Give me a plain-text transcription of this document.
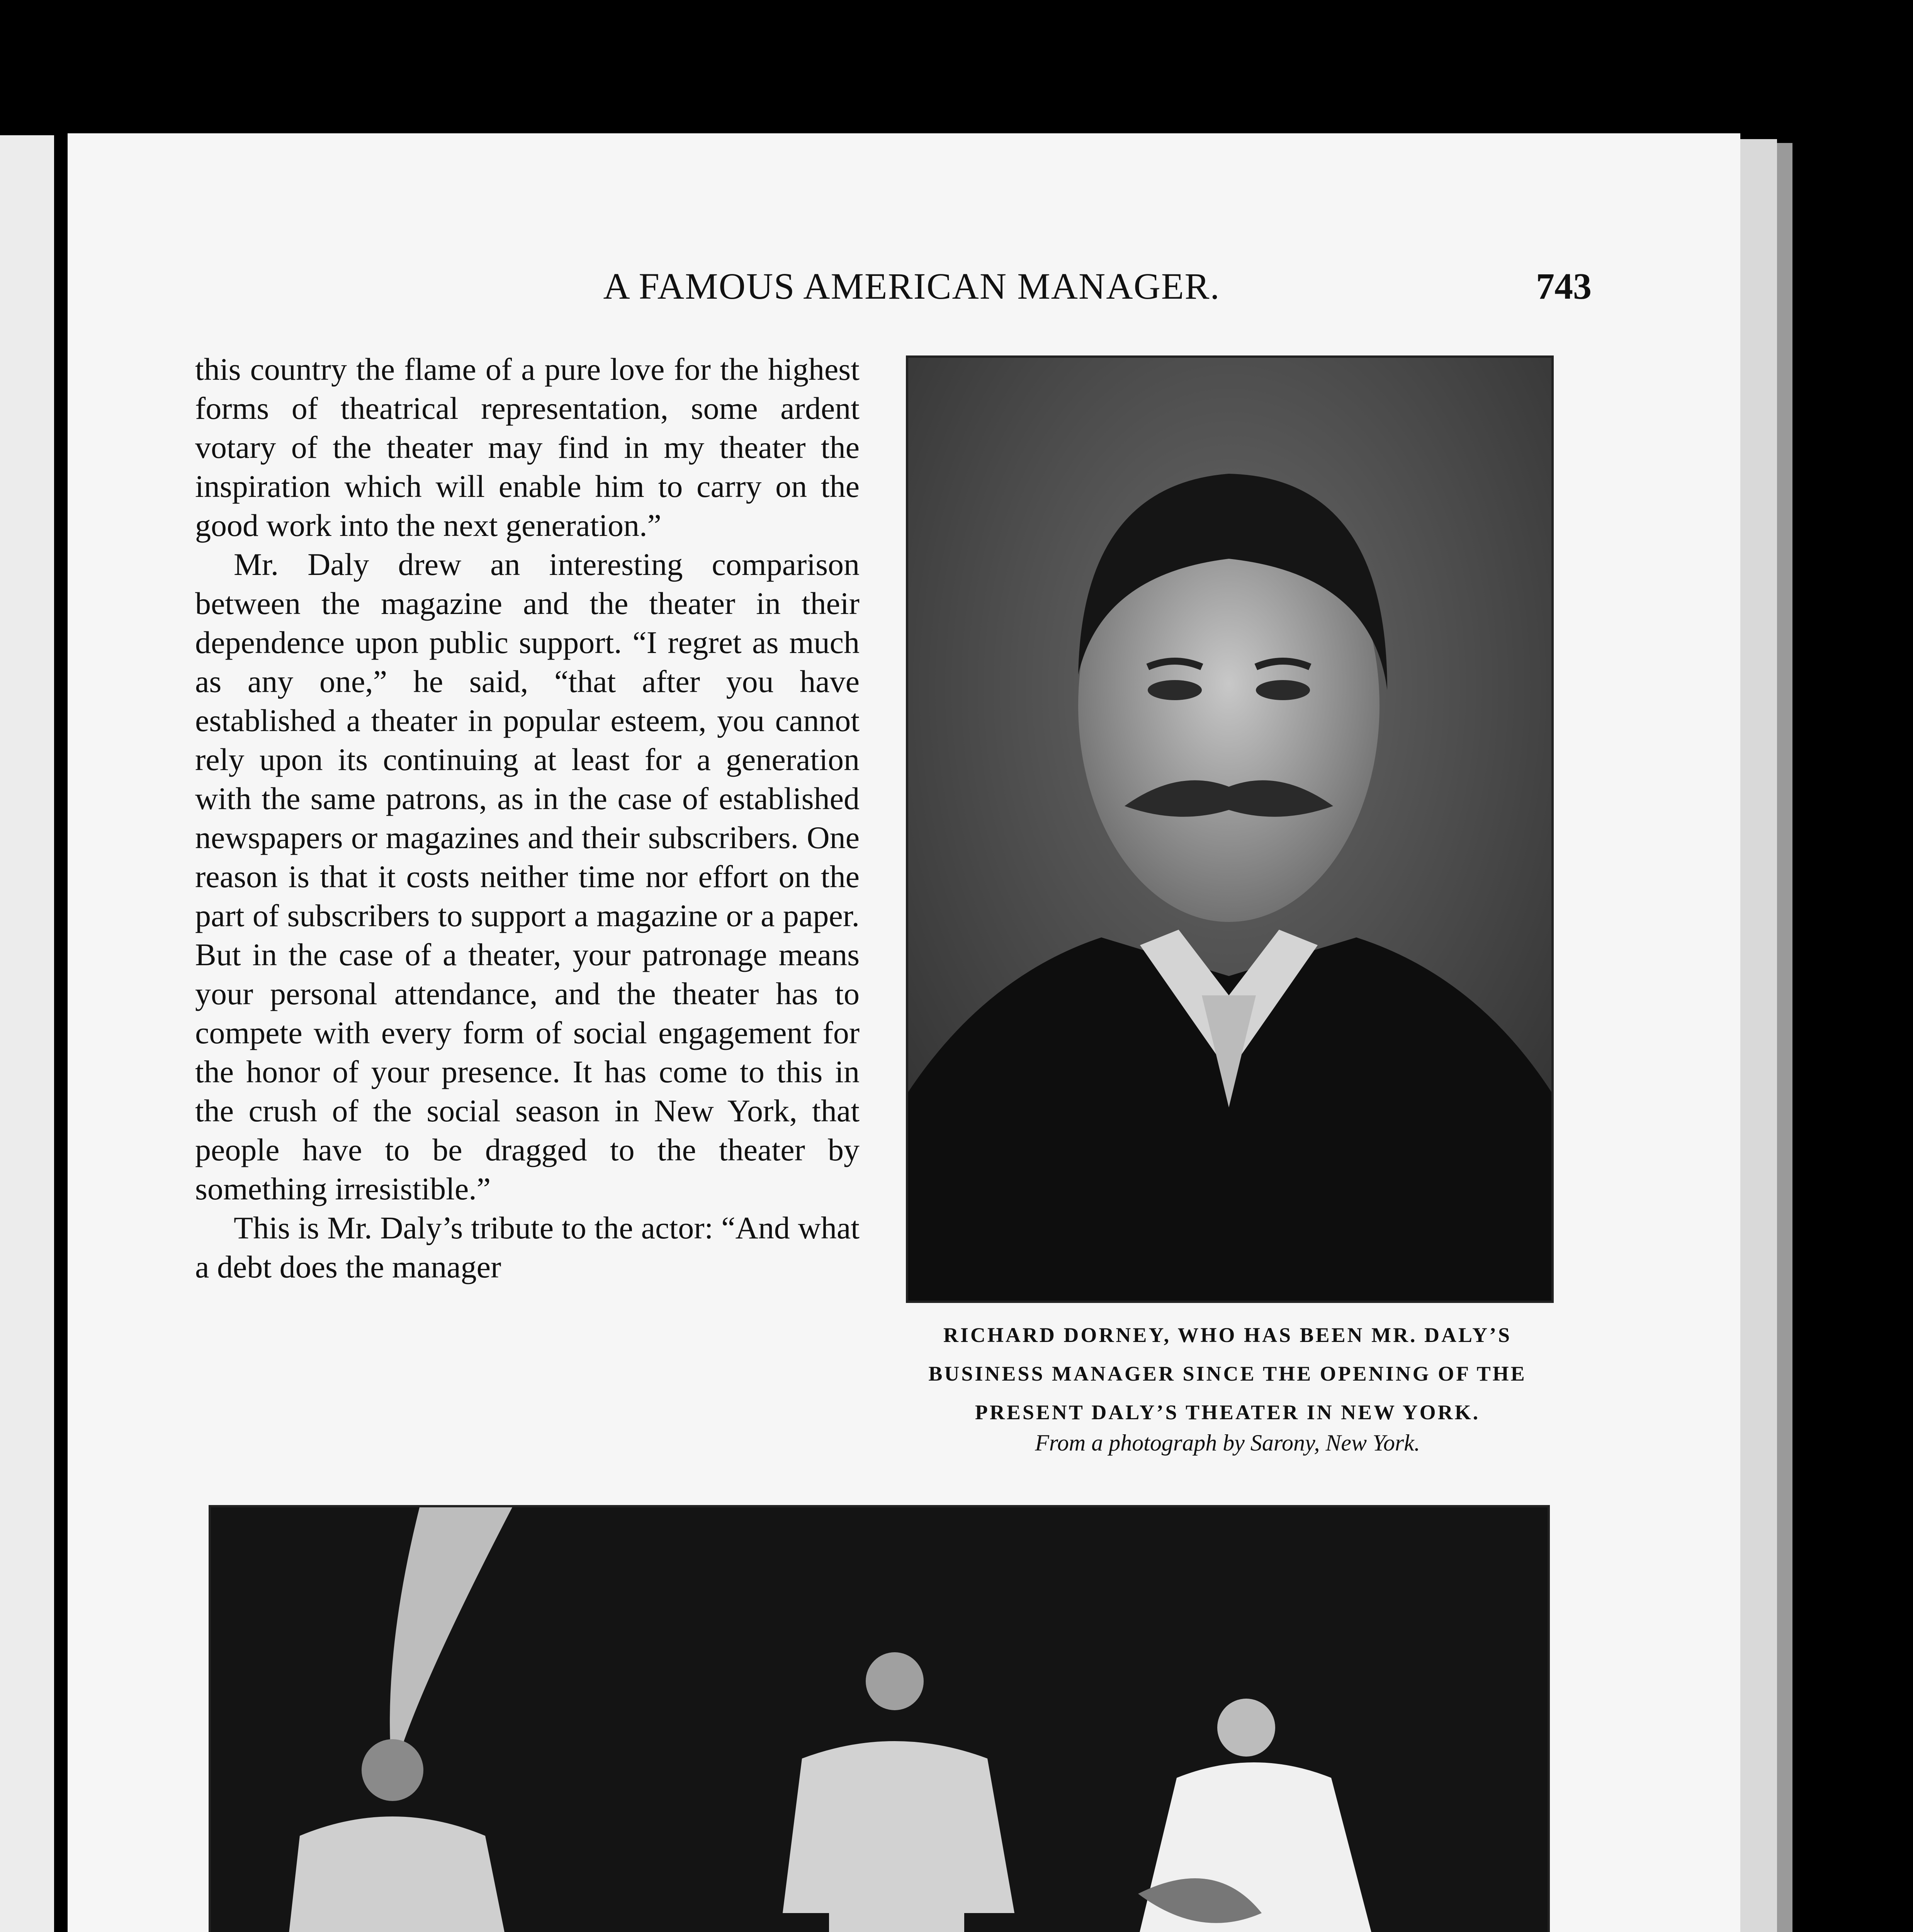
A FAMOUS AMERICAN MANAGER.	743

this country the flame of a pure love for the highest forms of theatrical representation, some ardent votary of the theater may find in my theater the inspiration which will enable him to carry on the good work into the next generation.”

Mr. Daly drew an interesting comparison between the magazine and the theater in their dependence upon public support. “I regret as much as any one,” he said, “that after you have established a theater in popular esteem, you cannot rely upon its continuing at least for a generation with the same patrons, as in the case of established newspapers or magazines and their subscribers. One reason is that it costs neither time nor effort on the part of subscribers to support a magazine or a paper. But in the case of a theater, your patronage means your personal attendance, and the theater has to compete with every form of social engagement for the honor of your presence. It has come to this in the crush of the social season in New York, that people have to be dragged to the theater by something irresistible.”

This is Mr. Daly’s tribute to the actor: “And what a debt does the manager

RICHARD DORNEY, WHO HAS BEEN MR. DALY’S BUSINESS MANAGER SINCE THE OPENING OF THE PRESENT DALY’S THEATER IN NEW YORK.
From a photograph by Sarony, New York.
